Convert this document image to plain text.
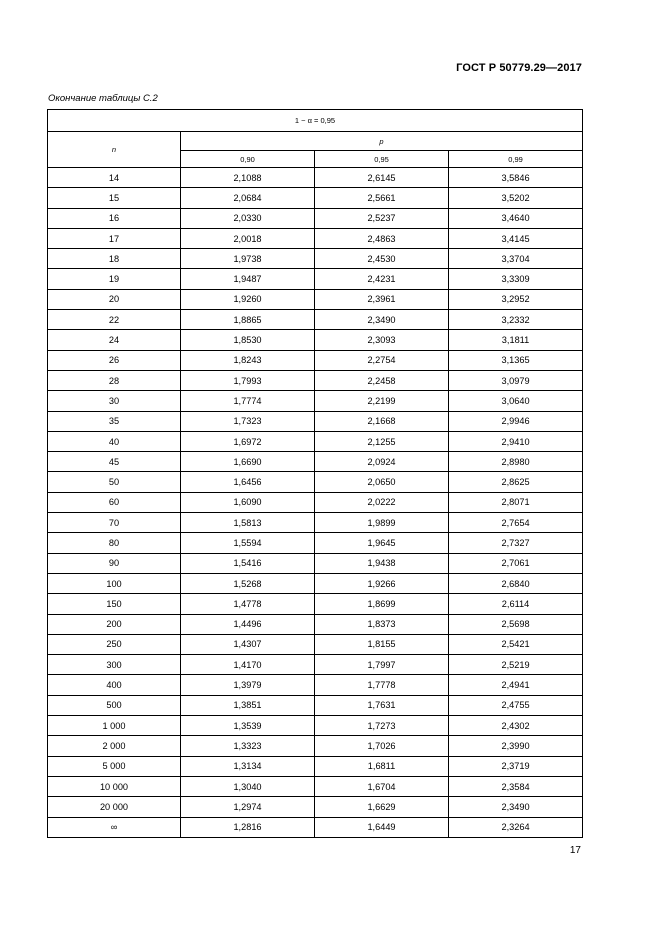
ГОСТ Р 50779.29—2017
Окончание таблицы С.2
1 − α = 0,95			
n	p		
	0,90	0,95	0,99
14	2,1088	2,6145	3,5846
15	2,0684	2,5661	3,5202
16	2,0330	2,5237	3,4640
17	2,0018	2,4863	3,4145
18	1,9738	2,4530	3,3704
19	1,9487	2,4231	3,3309
20	1,9260	2,3961	3,2952
22	1,8865	2,3490	3,2332
24	1,8530	2,3093	3,1811
26	1,8243	2,2754	3,1365
28	1,7993	2,2458	3,0979
30	1,7774	2,2199	3,0640
35	1,7323	2,1668	2,9946
40	1,6972	2,1255	2,9410
45	1,6690	2,0924	2,8980
50	1,6456	2,0650	2,8625
60	1,6090	2,0222	2,8071
70	1,5813	1,9899	2,7654
80	1,5594	1,9645	2,7327
90	1,5416	1,9438	2,7061
100	1,5268	1,9266	2,6840
150	1,4778	1,8699	2,6114
200	1,4496	1,8373	2,5698
250	1,4307	1,8155	2,5421
300	1,4170	1,7997	2,5219
400	1,3979	1,7778	2,4941
500	1,3851	1,7631	2,4755
1 000	1,3539	1,7273	2,4302
2 000	1,3323	1,7026	2,3990
5 000	1,3134	1,6811	2,3719
10 000	1,3040	1,6704	2,3584
20 000	1,2974	1,6629	2,3490
∞	1,2816	1,6449	2,3264
17
